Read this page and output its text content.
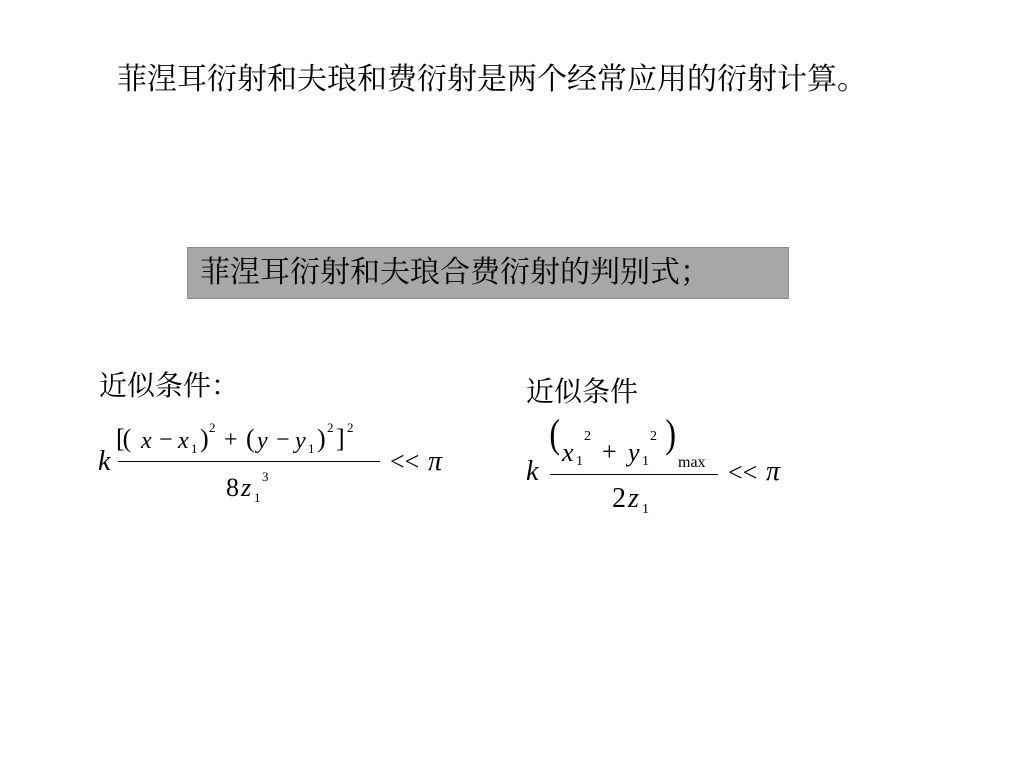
菲涅耳衍射和夫琅和费衍射是两个经常应用的衍射计算。
菲涅耳衍射和夫琅合费衍射的判别式；
近似条件：	近似条件
k
[( x − x 1 ) 2 + ( y − y 1 ) 2 ] 2
8 z 1
3
<< π	k
( x 1
2
+ y 1
2 )
max
2 z 1
<< π
